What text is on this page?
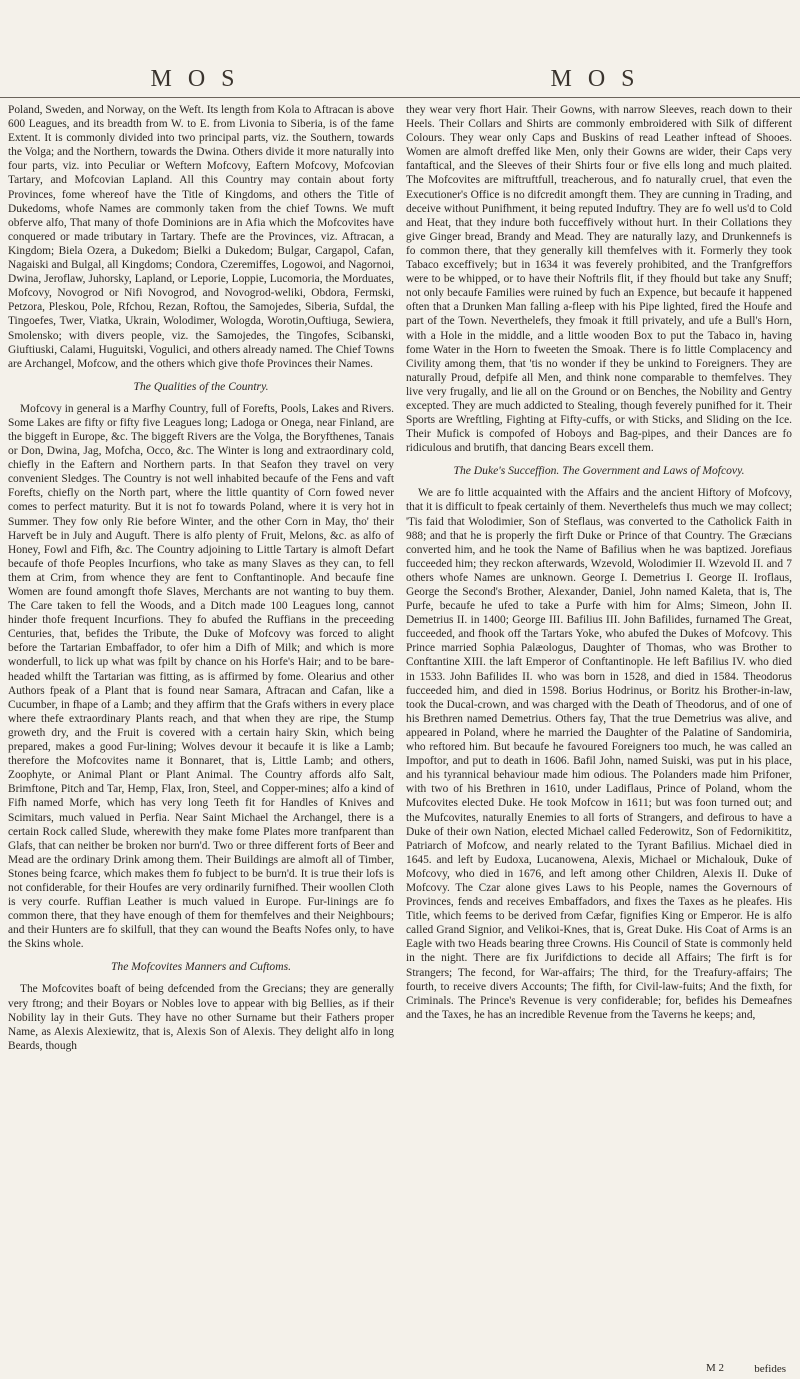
M O S	M O S

Poland, Sweden, and Norway, on the Weft. Its length from Kola to Aftracan is above 600 Leagues, and its breadth from W. to E. from Livonia to Siberia, is of the fame Extent. It is commonly divided into two principal parts, viz. the Southern, towards the Volga; and the Northern, towards the Dwina. Others divide it more naturally into four parts, viz. into Peculiar or Weftern Mofcovy, Eaftern Mofcovy, Mofcovian Tartary, and Mofcovian Lapland. All this Country may contain about forty Provinces, fome whereof have the Title of Kingdoms, and others the Title of Dukedoms, whofe Names are commonly taken from the chief Towns. We muft obferve alfo, That many of thofe Dominions are in Afia which the Mofcovites have conquered or made tributary in Tartary. Thefe are the Provinces, viz. Aftracan, a Kingdom; Biela Ozera, a Dukedom; Bielki a Dukedom; Bulgar, Cargapol, Cafan, Nagaiski and Bulgal, all Kingdoms; Condora, Czeremiffes, Logowoi, and Nagornoi, Dwina, Jeroflaw, Juhorsky, Lapland, or Leporie, Loppie, Lucomoria, the Morduates, Mofcovy, Novogrod or Nifi Novogrod, and Novogrod-weliki, Obdora, Fermski, Petzora, Pleskou, Pole, Rfchou, Rezan, Roftou, the Samojedes, Siberia, Sufdal, the Tingoefes, Twer, Viatka, Ukrain, Wolodimer, Wologda, Worotin,Ouftiuga, Sewiera, Smolensko; with divers people, viz. the Samojedes, the Tingofes, Scibanski, Giuftiuski, Calami, Huguitski, Vogulici, and others already named. The Chief Towns are Archangel, Mofcow, and the others which give thofe Provinces their Names.

The Qualities of the Country.

Mofcovy in general is a Marfhy Country, full of Forefts, Pools, Lakes and Rivers. Some Lakes are fifty or fifty five Leagues long; Ladoga or Onega, near Finland, are the biggeft in Europe, &c. The biggeft Rivers are the Volga, the Boryfthenes, Tanais or Don, Dwina, Jag, Mofcha, Occo, &c. The Winter is long and extraordinary cold, chiefly in the Eaftern and Northern parts. In that Seafon they travel on very convenient Sledges. The Country is not well inhabited becaufe of the Fens and vaft Forefts, chiefly on the North part, where the little quantity of Corn fowed never comes to perfect maturity. But it is not fo towards Poland, where it is very hot in Summer. They fow only Rie before Winter, and the other Corn in May, tho' their Harveft be in July and Auguft. There is alfo plenty of Fruit, Melons, &c. as alfo of Honey, Fowl and Fifh, &c. The Country adjoining to Little Tartary is almoft Defart becaufe of thofe Peoples Incurfions, who take as many Slaves as they can, to fell them at Crim, from whence they are fent to Conftantinople. And becaufe fine Women are found amongft thofe Slaves, Merchants are not wanting to buy them. The Care taken to fell the Woods, and a Ditch made 100 Leagues long, cannot hinder thofe frequent Incurfions. They fo abufed the Ruffians in the preceeding Centuries, that, befides the Tribute, the Duke of Mofcovy was forced to alight before the Tartarian Embaffador, to ofer him a Difh of Milk; and which is more wonderfull, to lick up what was fpilt by chance on his Horfe's Hair; and to be bare-headed whilft the Tartarian was fitting, as is affirmed by fome. Olearius and other Authors fpeak of a Plant that is found near Samara, Aftracan and Cafan, like a Cucumber, in fhape of a Lamb; and they affirm that the Grafs withers in every place where thefe extraordinary Plants reach, and that when they are ripe, the Stump groweth dry, and the Fruit is covered with a certain hairy Skin, which being prepared, makes a good Fur-lining; Wolves devour it becaufe it is like a Lamb; therefore the Mofcovites name it Bonnaret, that is, Little Lamb; and others, Zoophyte, or Animal Plant or Plant Animal. The Country affords alfo Salt, Brimftone, Pitch and Tar, Hemp, Flax, Iron, Steel, and Copper-mines; alfo a kind of Fifh named Morfe, which has very long Teeth fit for Handles of Knives and Scimitars, much valued in Perfia. Near Saint Michael the Archangel, there is a certain Rock called Slude, wherewith they make fome Plates more tranfparent than Glafs, that can neither be broken nor burn'd. Two or three different forts of Beer and Mead are the ordinary Drink among them. Their Buildings are almoft all of Timber, Stones being fcarce, which makes them fo fubject to be burn'd. It is true their lofs is not confiderable, for their Houfes are very ordinarily furnifhed. Their woollen Cloth is very courfe. Ruffian Leather is much valued in Europe. Fur-linings are fo common there, that they have enough of them for themfelves and their Neighbours; and their Hunters are fo skilfull, that they can wound the Beafts Nofes only, to have the Skins whole.

The Mofcovites Manners and Cuftoms.

The Mofcovites boaft of being defcended from the Grecians; they are generally very ftrong; and their Boyars or Nobles love to appear with big Bellies, as if their Nobility lay in their Guts. They have no other Surname but their Fathers proper Name, as Alexis Alexiewitz, that is, Alexis Son of Alexis. They delight alfo in long Beards, though

they wear very fhort Hair. Their Gowns, with narrow Sleeves, reach down to their Heels. Their Collars and Shirts are commonly embroidered with Silk of different Colours. They wear only Caps and Buskins of read Leather inftead of Shooes. Women are almoft dreffed like Men, only their Gowns are wider, their Caps very fantaftical, and the Sleeves of their Shirts four or five ells long and much plaited. The Mofcovites are miftruftfull, treacherous, and fo naturally cruel, that even the Executioner's Office is no difcredit amongft them. They are cunning in Trading, and deceive without Punifhment, it being reputed Induftry. They are fo well us'd to Cold and Heat, that they indure both fucceffively without hurt. In their Collations they give Ginger bread, Brandy and Mead. They are naturally lazy, and Drunkennefs is fo common there, that they generally kill themfelves with it. Formerly they took Tabaco exceffively; but in 1634 it was feverely prohibited, and the Tranfgreffors were to be whipped, or to have their Noftrils flit, if they fhould but take any Snuff; not only becaufe Families were ruined by fuch an Expence, but becaufe it happened often that a Drunken Man falling a-fleep with his Pipe lighted, fired the Houfe and part of the Town. Neverthelefs, they fmoak it ftill privately, and ufe a Bull's Horn, with a Hole in the middle, and a little wooden Box to put the Tabaco in, having fome Water in the Horn to fweeten the Smoak. There is fo little Complacency and Civility among them, that 'tis no wonder if they be unkind to Foreigners. They are naturally Proud, defpife all Men, and think none comparable to themfelves. They live very frugally, and lie all on the Ground or on Benches, the Nobility and Gentry excepted. They are much addicted to Stealing, though feverely punifhed for it. Their Sports are Wreftling, Fighting at Fifty-cuffs, or with Sticks, and Sliding on the Ice. Their Mufick is compofed of Hoboys and Bag-pipes, and their Dances are fo ridiculous and brutifh, that dancing Bears excell them.

The Duke's Succeffion. The Government and Laws of Mofcovy.

We are fo little acquainted with the Affairs and the ancient Hiftory of Mofcovy, that it is difficult to fpeak certainly of them. Neverthelefs thus much we may collect; 'Tis faid that Wolodimier, Son of Steflaus, was converted to the Catholick Faith in 988; and that he is properly the firft Duke or Prince of that Country. The Græcians converted him, and he took the Name of Bafilius when he was baptized. Jorefiaus fucceeded him; they reckon afterwards, Wzevold, Wolodimier II. Wzevold II. and 7 others whofe Names are unknown. George I. Demetrius I. George II. Iroflaus, George the Second's Brother, Alexander, Daniel, John named Kaleta, that is, The Purfe, becaufe he ufed to take a Purfe with him for Alms; Simeon, John II. Demetrius II. in 1400; George III. Bafilius III. John Bafilides, furnamed The Great, fucceeded, and fhook off the Tartars Yoke, who abufed the Dukes of Mofcovy. This Prince married Sophia Palæologus, Daughter of Thomas, who was Brother to Conftantine XIII. the laft Emperor of Conftantinople. He left Bafilius IV. who died in 1533. John Bafilides II. who was born in 1528, and died in 1584. Theodorus fucceeded him, and died in 1598. Borius Hodrinus, or Boritz his Brother-in-law, took the Ducal-crown, and was charged with the Death of Theodorus, and of one of his Brethren named Demetrius. Others fay, That the true Demetrius was alive, and appeared in Poland, where he married the Daughter of the Palatine of Sandomiria, who reftored him. But becaufe he favoured Foreigners too much, he was called an Impoftor, and put to death in 1606. Bafil John, named Suiski, was put in his place, and his tyrannical behaviour made him odious. The Polanders made him Prifoner, with two of his Brethren in 1610, under Ladiflaus, Prince of Poland, whom the Mufcovites elected Duke. He took Mofcow in 1611; but was foon turned out; and the Mufcovites, naturally Enemies to all forts of Strangers, and defirous to have a Duke of their own Nation, elected Michael called Federowitz, Son of Fedornikititz, Patriarch of Mofcow, and nearly related to the Tyrant Bafilius. Michael died in 1645. and left by Eudoxa, Lucanowena, Alexis, Michael or Michalouk, Duke of Mofcovy, who died in 1676, and left among other Children, Alexis II. Duke of Mofcovy. The Czar alone gives Laws to his People, names the Governours of Provinces, fends and receives Embaffadors, and fixes the Taxes as he pleafes. His Title, which feems to be derived from Cæfar, fignifies King or Emperor. He is alfo called Grand Signior, and Velikoi-Knes, that is, Great Duke. His Coat of Arms is an Eagle with two Heads bearing three Crowns. His Council of State is commonly held in the night. There are fix Jurifdictions to decide all Affairs; The firft is for Strangers; The fecond, for War-affairs; The third, for the Treafury-affairs; The fourth, to receive divers Accounts; The fifth, for Civil-law-fuits; And the fixth, for Criminals. The Prince's Revenue is very confiderable; for, befides his Demeafnes and the Taxes, he has an incredible Revenue from the Taverns he keeps; and,

M 2	befides
